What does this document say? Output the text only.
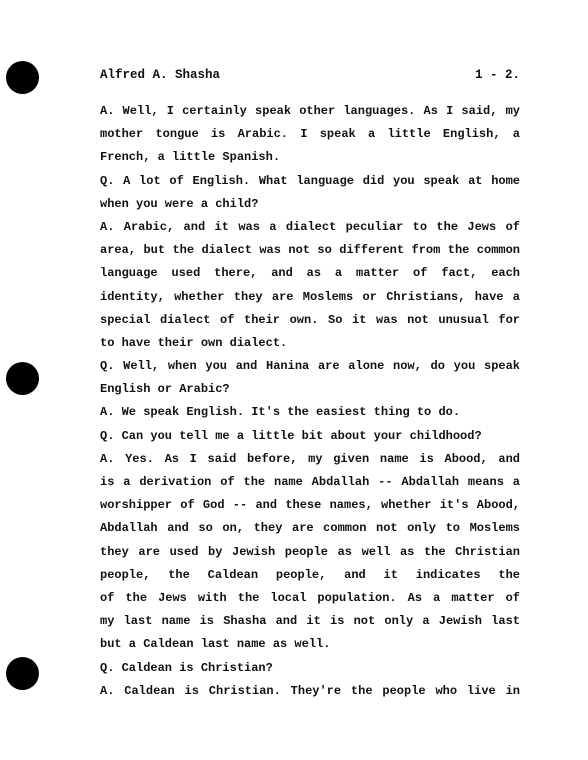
Alfred A. Shasha	1 - 2.
A. Well, I certainly speak other languages. As I said, my
mother tongue is Arabic. I speak a little English, a
French, a little Spanish.
Q. A lot of English. What language did you speak at home
when you were a child?
A. Arabic, and it was a dialect peculiar to the Jews of
area, but the dialect was not so different from the common
language used there, and as a matter of fact, each
identity, whether they are Moslems or Christians, have a
special dialect of their own. So it was not unusual for
to have their own dialect.
Q. Well, when you and Hanina are alone now, do you speak
English or Arabic?
A. We speak English. It's the easiest thing to do.
Q. Can you tell me a little bit about your childhood?
A. Yes. As I said before, my given name is Abood, and
is a derivation of the name Abdallah -- Abdallah means a
worshipper of God -- and these names, whether it's Abood,
Abdallah and so on, they are common not only to Moslems
they are used by Jewish people as well as the Christian
people, the Caldean people, and it indicates the
of the Jews with the local population. As a matter of
my last name is Shasha and it is not only a Jewish last
but a Caldean last name as well.
Q. Caldean is Christian?
A. Caldean is Christian. They're the people who live in
